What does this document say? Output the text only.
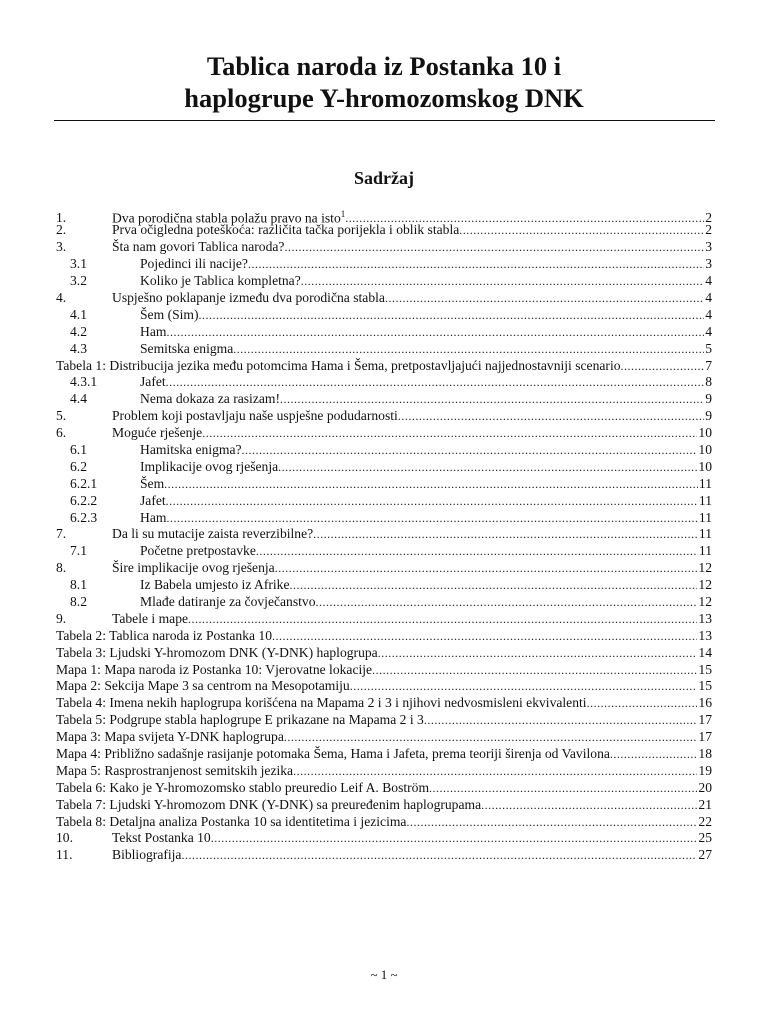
Tablica naroda iz Postanka 10 i
haplogrupe Y-hromozomskog DNK
Sadržaj
1.	Dva porodična stabla polažu pravo na isto$^1$ .....	2
2.	Prva očigledna poteškoća: različita tačka porijekla i oblik stabla .....	2
3.	Šta nam govori Tablica naroda? .....	3
3.1	Pojedinci ili nacije? .....	3
3.2	Koliko je Tablica kompletna? .....	4
4.	Uspješno poklapanje između dva porodična stabla .....	4
4.1	Šem (Sim) .....	4
4.2	Ham .....	4
4.3	Semitska enigma .....	5
Tabela 1: Distribucija jezika među potomcima Hama i Šema, pretpostavljajući najjednostavniji scenario .....	7
4.3.1	Jafet .....	8
4.4	Nema dokaza za rasizam! .....	9
5.	Problem koji postavljaju naše uspješne podudarnosti .....	9
6.	Moguće rješenje .....	10
6.1	Hamitska enigma? .....	10
6.2	Implikacije ovog rješenja .....	10
6.2.1	Šem .....	11
6.2.2	Jafet .....	11
6.2.3	Ham .....	11
7.	Da li su mutacije zaista reverzibilne? .....	11
7.1	Početne pretpostavke .....	11
8.	Šire implikacije ovog rješenja .....	12
8.1	Iz Babela umjesto iz Afrike .....	12
8.2	Mlađe datiranje za čovječanstvo .....	12
9.	Tabele i mape .....	13
Tabela 2: Tablica naroda iz Postanka 10 .....	13
Tabela 3: Ljudski Y-hromozom DNK (Y-DNK) haplogrupa .....	14
Mapa 1: Mapa naroda iz Postanka 10: Vjerovatne lokacije .....	15
Mapa 2: Sekcija Mape 3 sa centrom na Mesopotamiju .....	15
Tabela 4: Imena nekih haplogrupa korišćena na Mapama 2 i 3 i njihovi nedvosmisleni ekvivalenti .....	16
Tabela 5: Podgrupe stabla haplogrupe E prikazane na Mapama 2 i 3 .....	17
Mapa 3: Mapa svijeta Y-DNK haplogrupa .....	17
Mapa 4: Približno sadašnje rasijanje potomaka Šema, Hama i Jafeta, prema teoriji širenja od Vavilona .....	18
Mapa 5: Rasprostranjenost semitskih jezika .....	19
Tabela 6: Kako je Y-hromozomsko stablo preuredio Leif A. Boström .....	20
Tabela 7: Ljudski Y-hromozom DNK (Y-DNK) sa preuređenim haplogrupama .....	21
Tabela 8: Detaljna analiza Postanka 10 sa identitetima i jezicima .....	22
10.	Tekst Postanka 10 .....	25
11.	Bibliografija .....	27
~ 1 ~
